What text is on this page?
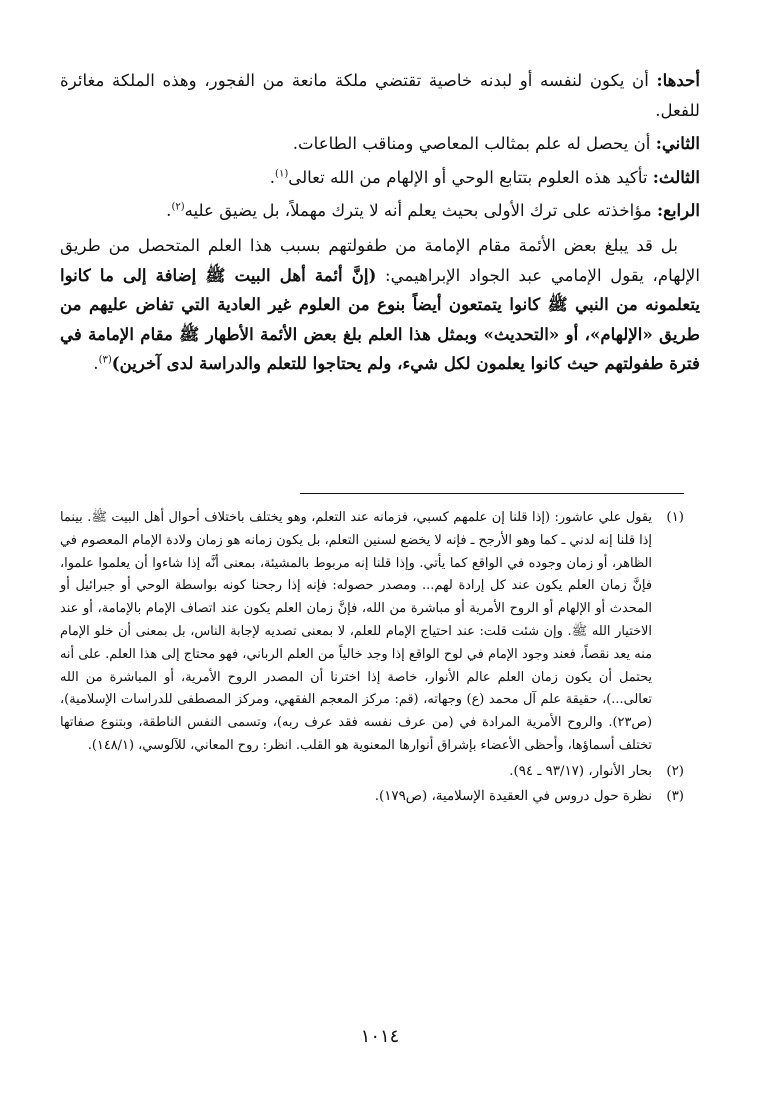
أحدها: أن يكون لنفسه أو لبدنه خاصية تقتضي ملكة مانعة من الفجور، وهذه الملكة مغائرة للفعل.

الثاني: أن يحصل له علم بمثالب المعاصي ومناقب الطاعات.

الثالث: تأكيد هذه العلوم بتتابع الوحي أو الإلهام من الله تعالى$^{(١)}$.

الرابع: مؤاخذته على ترك الأولى بحيث يعلم أنه لا يترك مهملاً، بل يضيق عليه$^{(٢)}$.

بل قد يبلغ بعض الأئمة مقام الإمامة من طفولتهم بسبب هذا العلم المتحصل من طريق الإلهام، يقول الإمامي عبد الجواد الإبراهيمي: (إنَّ أئمة أهل البيت ﷺ إضافة إلى ما كانوا يتعلمونه من النبي ﷺ كانوا يتمتعون أيضاً بنوع من العلوم غير العادية التي تفاض عليهم من طريق «الإلهام»، أو «التحديث» وبمثل هذا العلم بلغ بعض الأئمة الأطهار ﷺ مقام الإمامة في فترة طفولتهم حيث كانوا يعلمون لكل شيء، ولم يحتاجوا للتعلم والدراسة لدى آخرين)$^{(٣)}$.

(١)
يقول علي عاشور: (إذا قلنا إن علمهم كسبي، فزمانه عند التعلم، وهو يختلف باختلاف أحوال أهل البيت ﷺ. بينما إذا قلنا إنه لدني ـ كما وهو الأرجح ـ فإنه لا يخضع لسنين التعلم، بل يكون زمانه هو زمان ولادة الإمام المعصوم في الظاهر، أو زمان وجوده في الواقع كما يأتي. وإذا قلنا إنه مربوط بالمشيئة، بمعنى أنَّه إذا شاءوا أن يعلموا علموا، فإنَّ زمان العلم يكون عند كل إرادة لهم... ومصدر حصوله: فإنه إذا رجحنا كونه بواسطة الوحي أو جبرائيل أو المحدث أو الإلهام أو الروح الأمرية أو مباشرة من الله، فإنَّ زمان العلم يكون عند اتصاف الإمام بالإمامة، أو عند الاختيار الله ﷺ. وإن شئت قلت: عند احتياج الإمام للعلم، لا بمعنى تصديه لإجابة الناس، بل بمعنى أن خلو الإمام منه يعد نقصاً، فعند وجود الإمام في لوح الواقع إذا وجد خالياً من العلم الرباني، فهو محتاج إلى هذا العلم. على أنه يحتمل أن يكون زمان العلم عالم الأنوار، خاصة إذا اخترنا أن المصدر الروح الأمرية، أو المباشرة من الله تعالى...)، حقيقة علم آل محمد (ع) وجهاته، (قم: مركز المعجم الفقهي، ومركز المصطفى للدراسات الإسلامية)، (ص٢٣). والروح الأمرية المرادة في (من عرف نفسه فقد عرف ربه)، وتسمى النفس الناطقة، وبتنوع صفاتها تختلف أسماؤها، وأحظى الأعضاء بإشراق أنوارها المعنوية هو القلب. انظر: روح المعاني، للآلوسي، (١٤٨/١).
(٢)
بحار الأنوار، (٩٣/١٧ ـ ٩٤).
(٣)
نظرة حول دروس في العقيدة الإسلامية، (ص١٧٩).
١٠١٤
